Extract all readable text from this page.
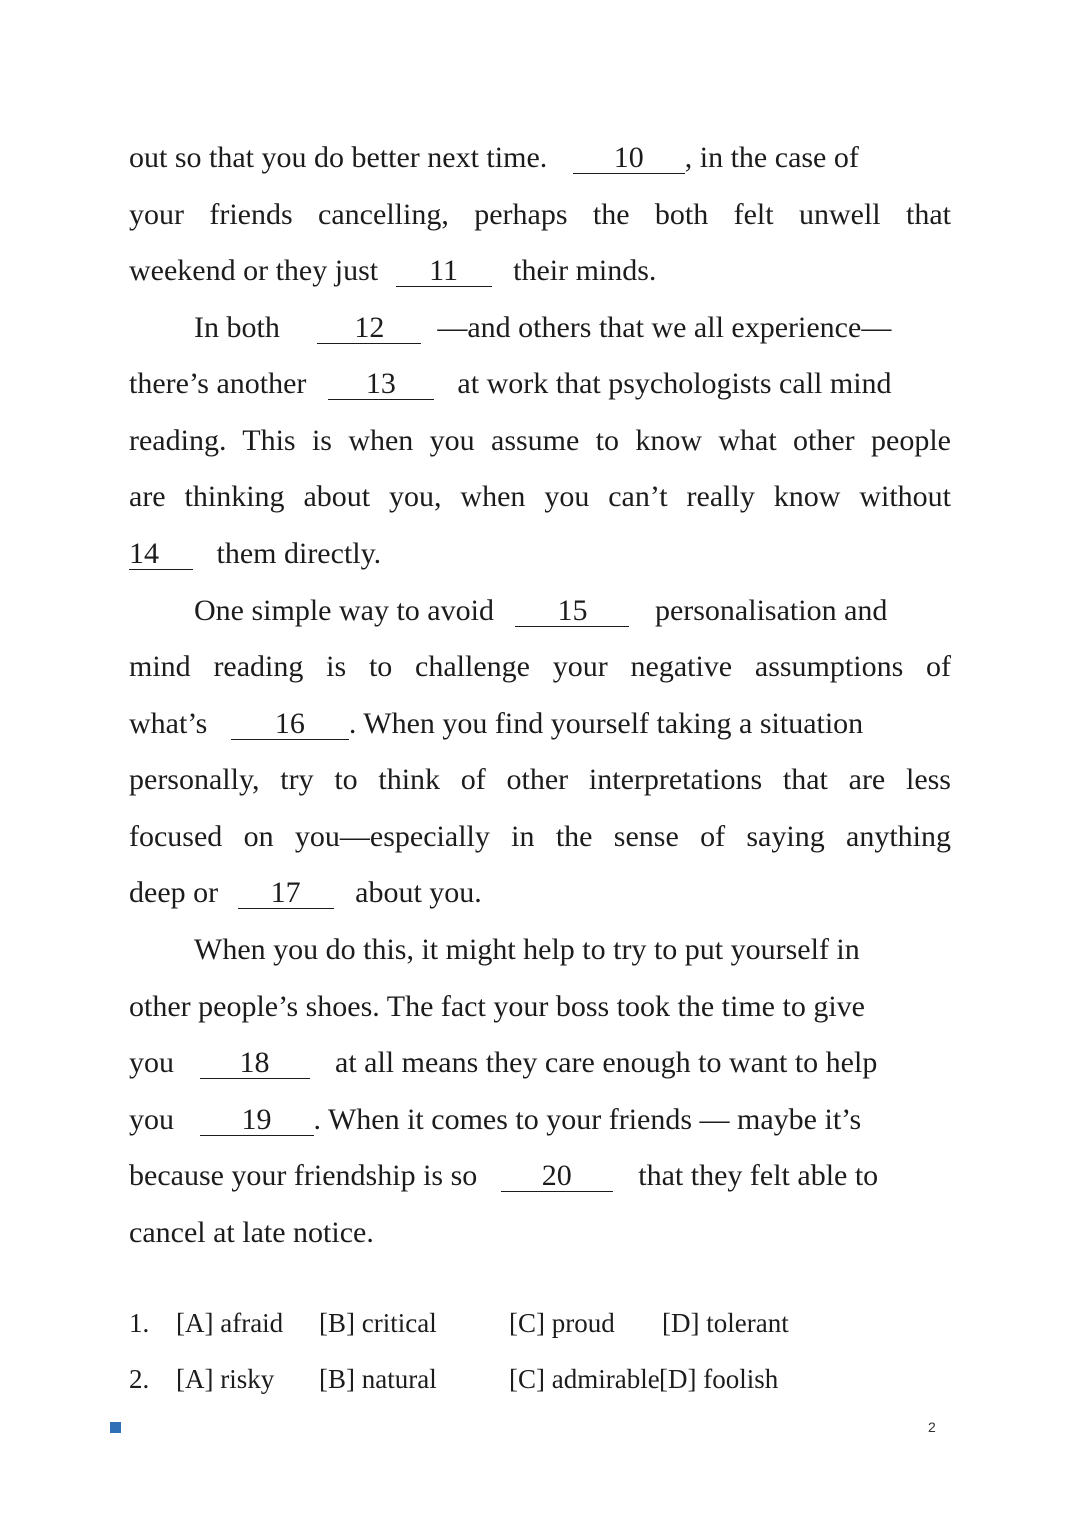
out so that you do better next time. 10 , in the case of
your friends cancelling, perhaps the both felt unwell that
weekend or they just 11 their minds.
In both 12 —and others that we all experience—
there’s another 13 at work that psychologists call mind
reading. This is when you assume to know what other people
are thinking about you, when you can’t really know without
14 them directly.
One simple way to avoid 15 personalisation and
mind reading is to challenge your negative assumptions of
what’s 16 . When you find yourself taking a situation
personally, try to think of other interpretations that are less
focused on you—especially in the sense of saying anything
deep or 17 about you.
When you do this, it might help to try to put yourself in
other people’s shoes. The fact your boss took the time to give
you 18 at all means they care enough to want to help
you 19 . When it comes to your friends — maybe it’s
because your friendship is so 20 that they felt able to
cancel at late notice.
1. [A] afraid [B] critical	[C] proud [D] tolerant
2. [A] risky [B] natural	[C] admirable [D] foolish
2
